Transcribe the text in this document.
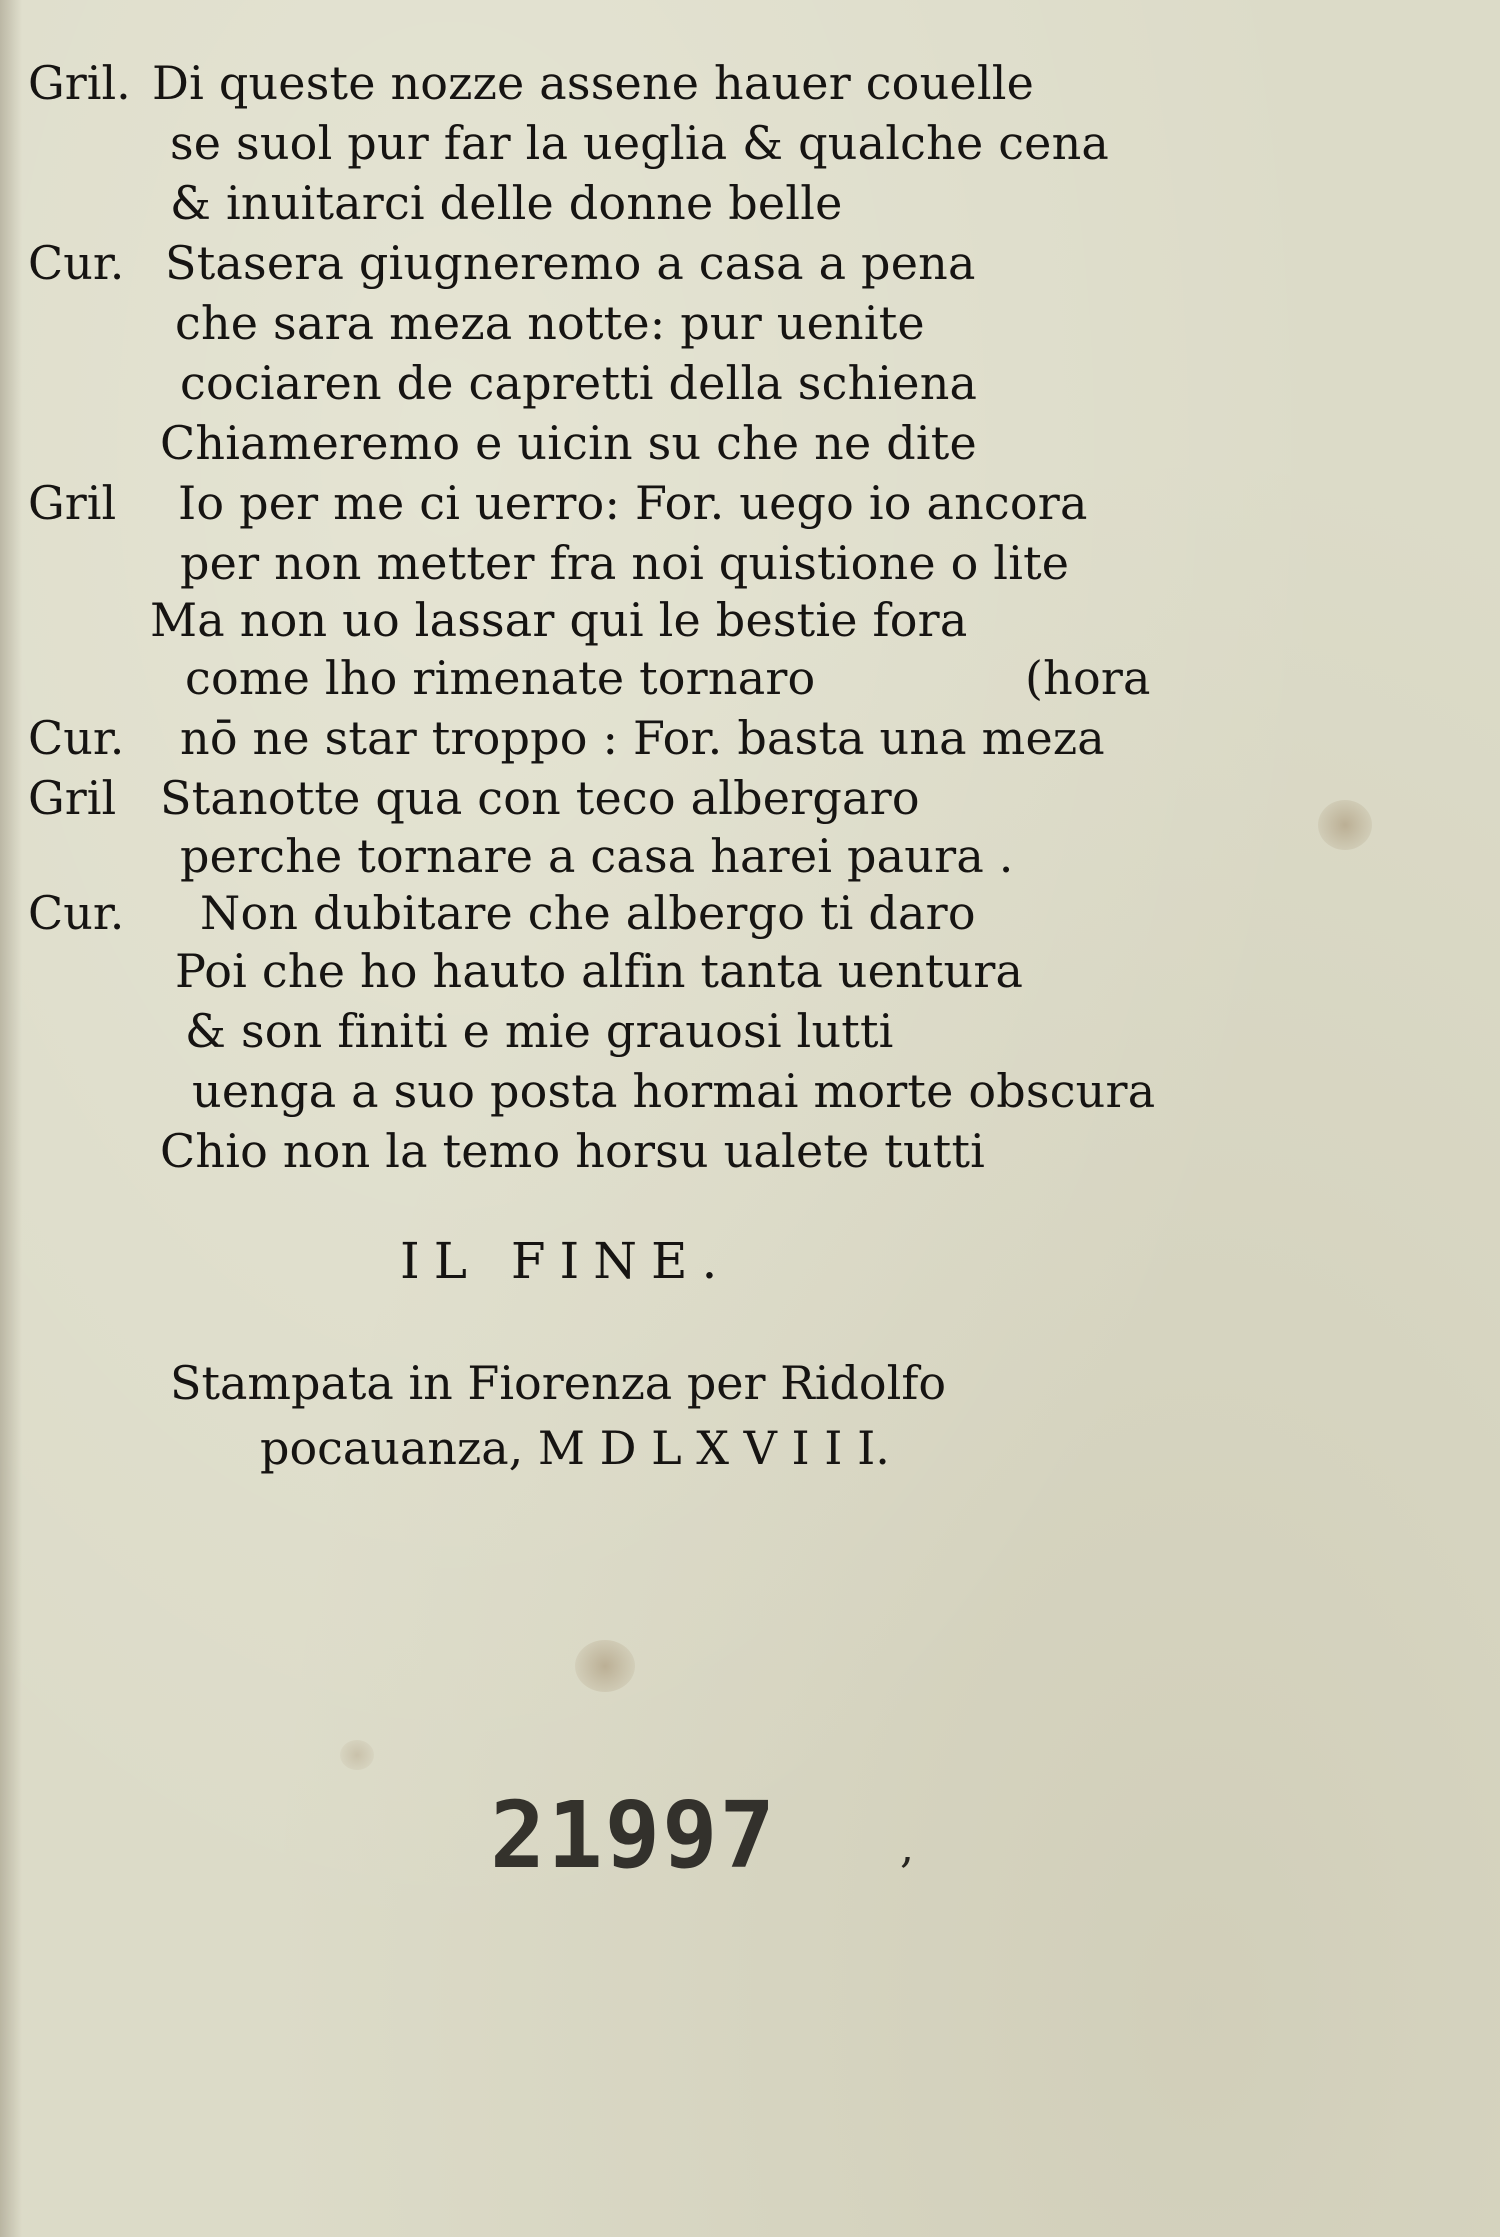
Gril.
Cur.
Gril
Cur.
Gril
Cur.
Di queste nozze assene hauer couelle
se suol pur far la ueglia & qualche cena
& inuitarci delle donne belle
Stasera giugneremo a casa a pena
che sara meza notte: pur uenite
cociaren de capretti della schiena
Chiameremo e uicin su che ne dite
Io per me ci uerro: For. uego io ancora
per non metter fra noi quistione o lite
Ma non uo lassar qui le bestie fora
come lho rimenate tornaro	(hora
nō ne star troppo : For. basta una meza
Stanotte qua con teco albergaro
perche tornare a casa harei paura .
Non dubitare che albergo ti daro
Poi che ho hauto alfin tanta uentura
& son finiti e mie grauosi lutti
uenga a suo posta hormai morte obscura
Chio non la temo horsu ualete tutti
IL FINE.
Stampata in Fiorenza per Ridolfo
pocauanza, M D L X V I I I.
21997	,
